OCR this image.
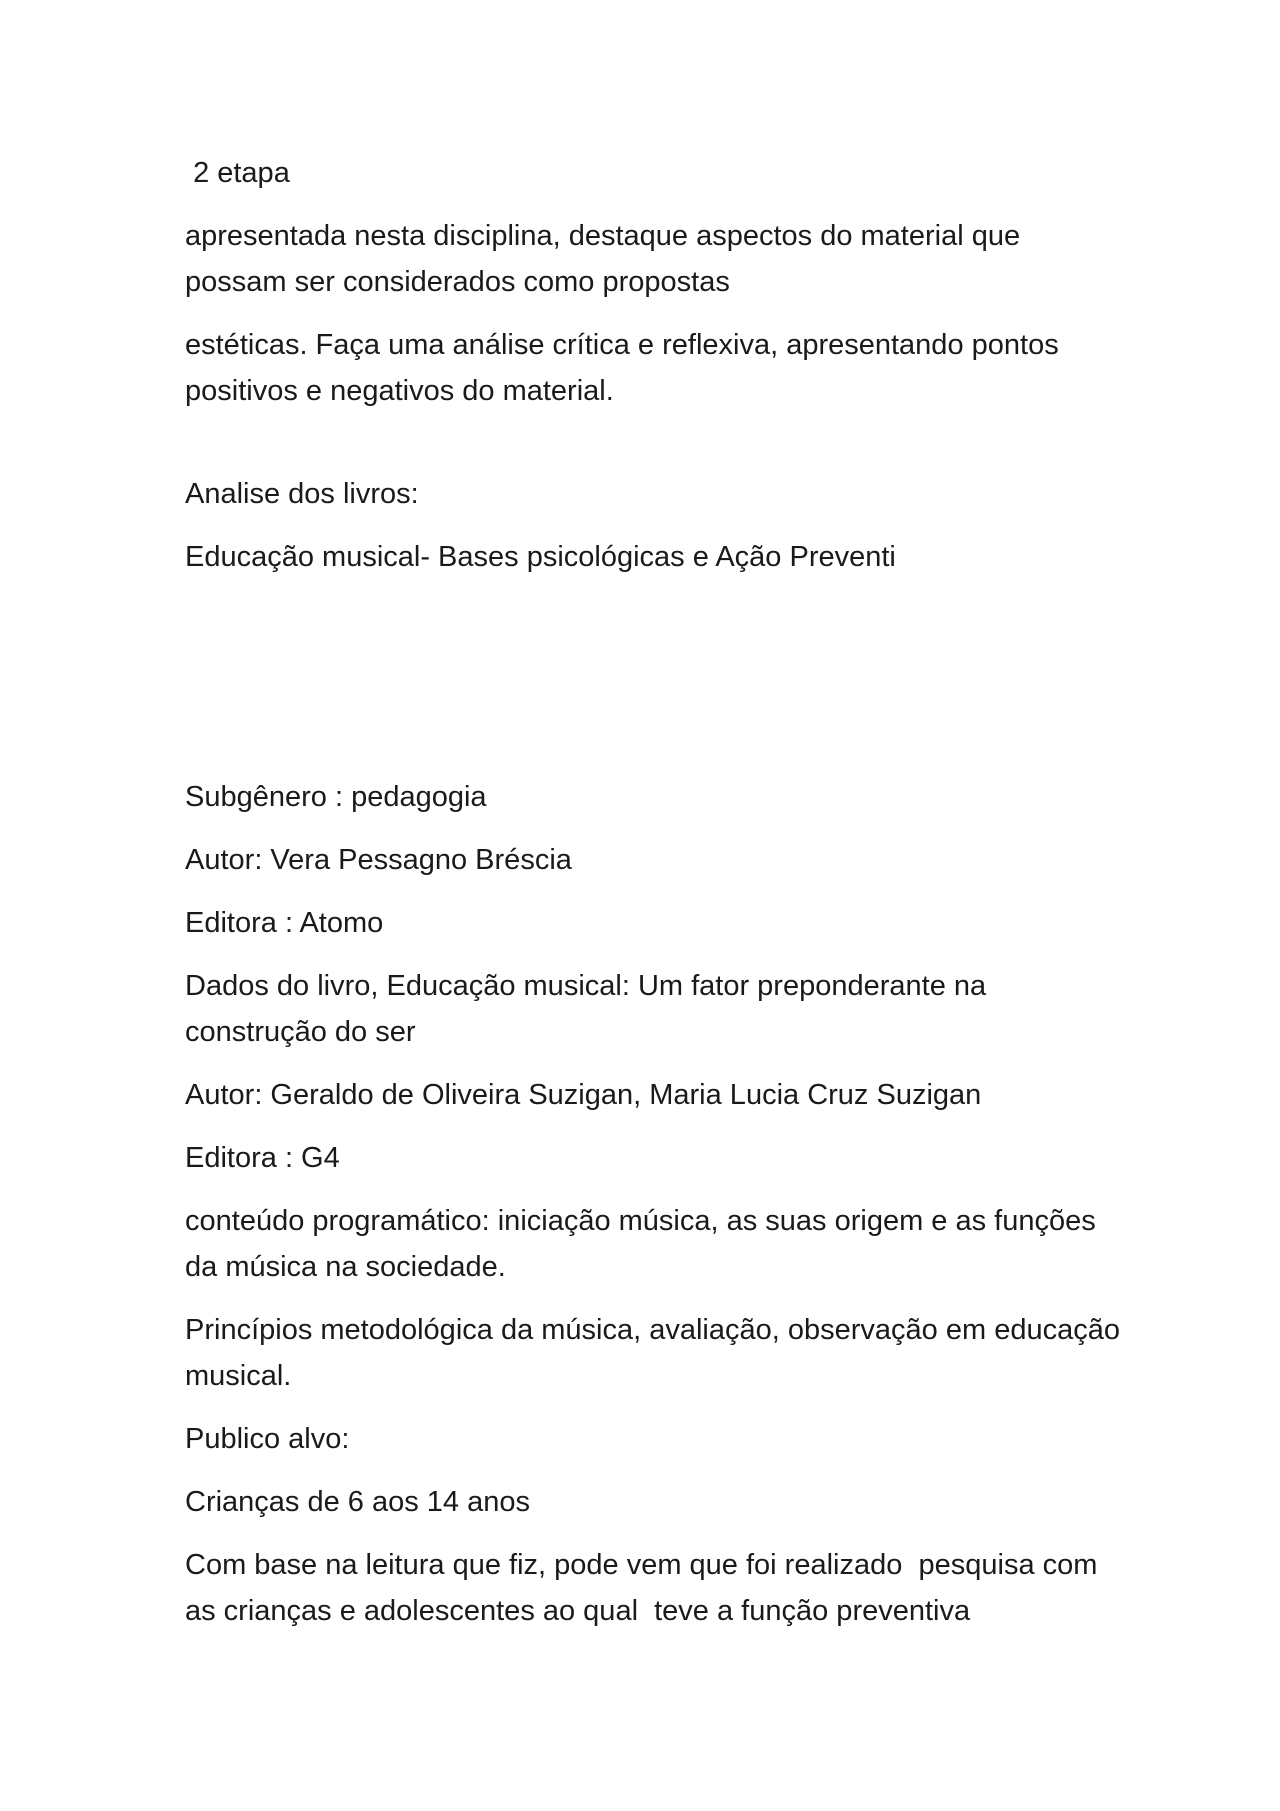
2 etapa

apresentada nesta disciplina, destaque aspectos do material que possam ser considerados como propostas

estéticas. Faça uma análise crítica e reflexiva, apresentando pontos positivos e negativos do material.

Analise dos livros:

Educação musical- Bases psicológicas e Ação Preventi

Subgênero : pedagogia

Autor: Vera Pessagno Bréscia

Editora : Atomo

Dados do livro, Educação musical: Um fator preponderante na construção do ser

Autor: Geraldo de Oliveira Suzigan, Maria Lucia Cruz Suzigan

Editora : G4

conteúdo programático: iniciação música, as suas origem e as funções da música na sociedade.

Princípios metodológica da música, avaliação, observação em educação musical.

Publico alvo:

Crianças de 6 aos 14 anos

Com base na leitura que fiz, pode vem que foi realizado  pesquisa com as crianças e adolescentes ao qual  teve a função preventiva
